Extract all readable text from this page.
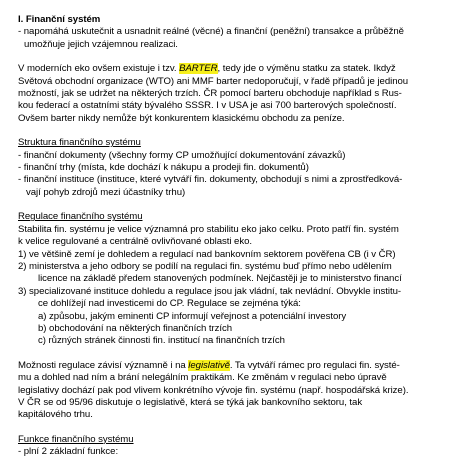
I. Finanční systém
- napomáhá uskutečnit a usnadnit reálné (věcné) a finanční (peněžní) transakce a průběžně
umožňuje jejich vzájemnou realizaci.
V moderních eko ovšem existuje i tzv. BARTER, tedy jde o výměnu statku za statek. Ikdyž
Světová obchodní organizace (WTO) ani MMF barter nedoporučují, v řadě případů je jedinou
možností, jak se udržet na některých trzích. ČR pomocí barteru obchoduje například s Rus-
kou federací a ostatními státy bývalého SSSR. I v USA je asi 700 barterových společností.
Ovšem barter nikdy nemůže být konkurentem klasickému obchodu za peníze.
Struktura finančního systému
- finanční dokumenty (všechny formy CP umožňující dokumentování závazků)
- finanční trhy (místa, kde dochází k nákupu a prodeji fin. dokumentů)
- finanční instituce (instituce, které vytváří fin. dokumenty, obchodují s nimi a zprostředková-
vají pohyb zdrojů mezi účastníky trhu)
Regulace finančního systému
Stabilita fin. systému je velice významná pro stabilitu eko jako celku. Proto patří fin. systém
k velice regulované a centrálně ovlivňované oblasti eko.
1) ve většině zemí je dohledem a regulací nad bankovním sektorem pověřena CB (i v ČR)
2) ministerstva a jeho odbory se podílí na regulaci fin. systému buď přímo nebo udělením
licence na základě předem stanovených podmínek. Nejčastěji je to ministerstvo financí
3) specializované instituce dohledu a regulace jsou jak vládní, tak nevládní. Obvykle institu-
ce dohlížejí nad investicemi do CP. Regulace se zejména týká:
a) způsobu, jakým eminenti CP informují veřejnost a potenciální investory
b) obchodování na některých finančních trzích
c) různých stránek činnosti fin. institucí na finančních trzích
Možnosti regulace závisí významně i na legislativě. Ta vytváří rámec pro regulaci fin. systé-
mu a dohled nad ním a brání nelegálním praktikám. Ke změnám v regulaci nebo úpravě
legislativy dochází pak pod vlivem konkrétního vývoje fin. systému (např. hospodářská krize).
V ČR se od 95/96 diskutuje o legislativě, která se týká jak bankovního sektoru, tak
kapitálového trhu.
Funkce finančního systému
- plní 2 základní funkce:
